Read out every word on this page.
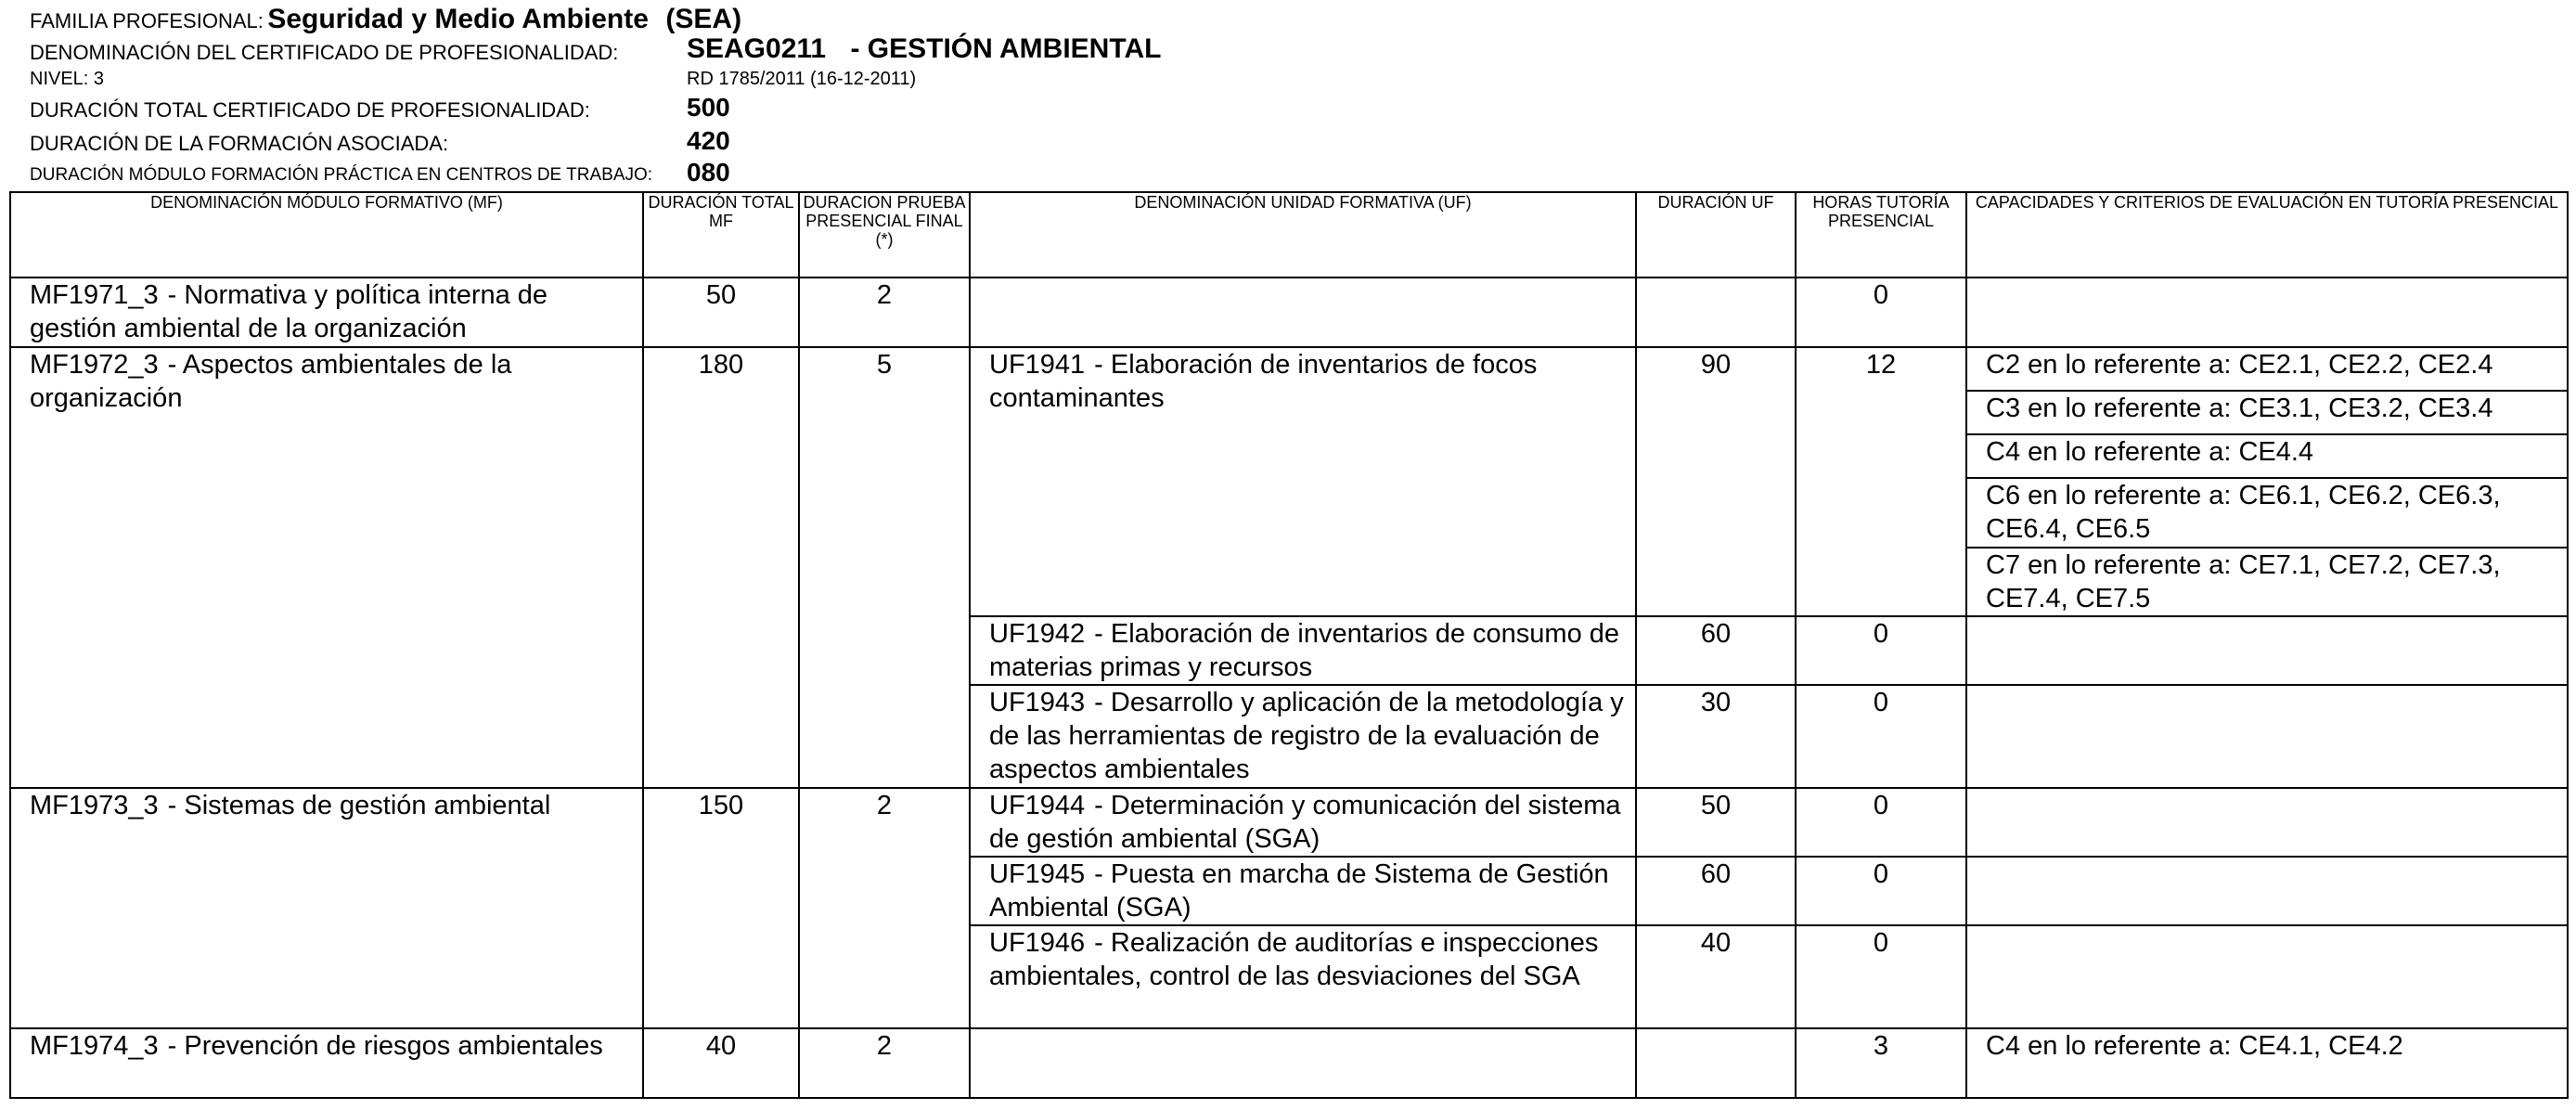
FAMILIA PROFESIONAL: Seguridad y Medio Ambiente (SEA)
DENOMINACIÓN DEL CERTIFICADO DE PROFESIONALIDAD: SEAG0211 - GESTIÓN AMBIENTAL
NIVEL: 3	RD 1785/2011 (16-12-2011)
DURACIÓN TOTAL CERTIFICADO DE PROFESIONALIDAD:	500
DURACIÓN DE LA FORMACIÓN ASOCIADA:	420
DURACIÓN MÓDULO FORMACIÓN PRÁCTICA EN CENTROS DE TRABAJO: 080
DENOMINACIÓN MÓDULO FORMATIVO (MF)	DURACIÓN TOTAL MF	DURACION PRUEBA PRESENCIAL FINAL (*)	DENOMINACIÓN UNIDAD FORMATIVA (UF)	DURACIÓN UF	HORAS TUTORÍA PRESENCIAL	CAPACIDADES Y CRITERIOS DE EVALUACIÓN EN TUTORÍA PRESENCIAL
MF1971_3 - Normativa y política interna de gestión ambiental de la organización	50	2			0	
MF1972_3 - Aspectos ambientales de la organización	180	5	UF1941 - Elaboración de inventarios de focos contaminantes	90	12	C2 en lo referente a: CE2.1, CE2.2, CE2.4
						C3 en lo referente a: CE3.1, CE3.2, CE3.4
						C4 en lo referente a: CE4.4
						C6 en lo referente a: CE6.1, CE6.2, CE6.3, CE6.4, CE6.5
						C7 en lo referente a: CE7.1, CE7.2, CE7.3, CE7.4, CE7.5
			UF1942 - Elaboración de inventarios de consumo de materias primas y recursos	60	0	
			UF1943 - Desarrollo y aplicación de la metodología y de las herramientas de registro de la evaluación de aspectos ambientales	30	0	
MF1973_3 - Sistemas de gestión ambiental	150	2	UF1944 - Determinación y comunicación del sistema de gestión ambiental (SGA)	50	0	
			UF1945 - Puesta en marcha de Sistema de Gestión Ambiental (SGA)	60	0	
			UF1946 - Realización de auditorías e inspecciones ambientales, control de las desviaciones del SGA	40	0	
MF1974_3 - Prevención de riesgos ambientales	40	2			3	C4 en lo referente a: CE4.1, CE4.2
